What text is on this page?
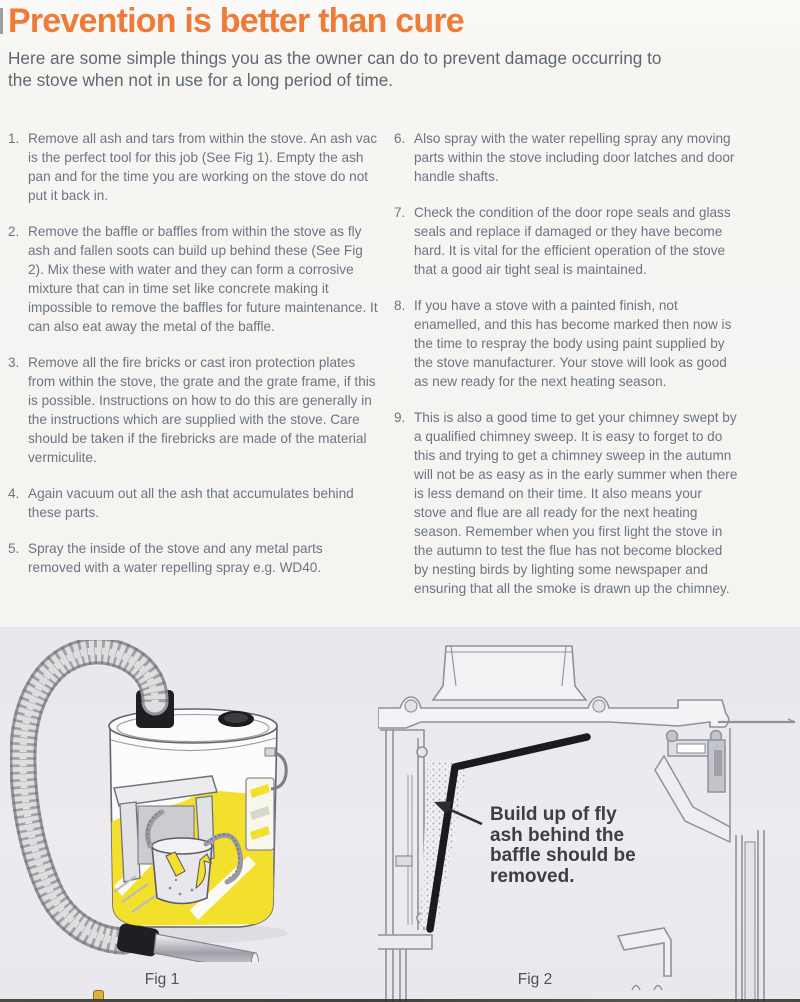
Prevention is better than cure

Here are some simple things you as the owner can do to prevent damage occurring to the stove when not in use for a long period of time.

1. Remove all ash and tars from within the stove. An ash vac is the perfect tool for this job (See Fig 1). Empty the ash pan and for the time you are working on the stove do not put it back in.
2. Remove the baffle or baffles from within the stove as fly ash and fallen soots can build up behind these (See Fig 2). Mix these with water and they can form a corrosive mixture that can in time set like concrete making it impossible to remove the baffles for future maintenance. It can also eat away the metal of the baffle.
3. Remove all the fire bricks or cast iron protection plates from within the stove, the grate and the grate frame, if this is possible. Instructions on how to do this are generally in the instructions which are supplied with the stove. Care should be taken if the firebricks are made of the material vermiculite.
4. Again vacuum out all the ash that accumulates behind these parts.
5. Spray the inside of the stove and any metal parts removed with a water repelling spray e.g. WD40.
6. Also spray with the water repelling spray any moving parts within the stove including door latches and door handle shafts.
7. Check the condition of the door rope seals and glass seals and replace if damaged or they have become hard. It is vital for the efficient operation of the stove that a good air tight seal is maintained.
8. If you have a stove with a painted finish, not enamelled, and this has become marked then now is the time to respray the body using paint supplied by the stove manufacturer. Your stove will look as good as new ready for the next heating season.
9. This is also a good time to get your chimney swept by a qualified chimney sweep. It is easy to forget to do this and trying to get a chimney sweep in the autumn will not be as easy as in the early summer when there is less demand on their time. It also means your stove and flue are all ready for the next heating season. Remember when you first light the stove in the autumn to test the flue has not become blocked by nesting birds by lighting some newspaper and ensuring that all the smoke is drawn up the chimney.
Build up of fly ash behind the baffle should be removed.
Fig 1	Fig 2
